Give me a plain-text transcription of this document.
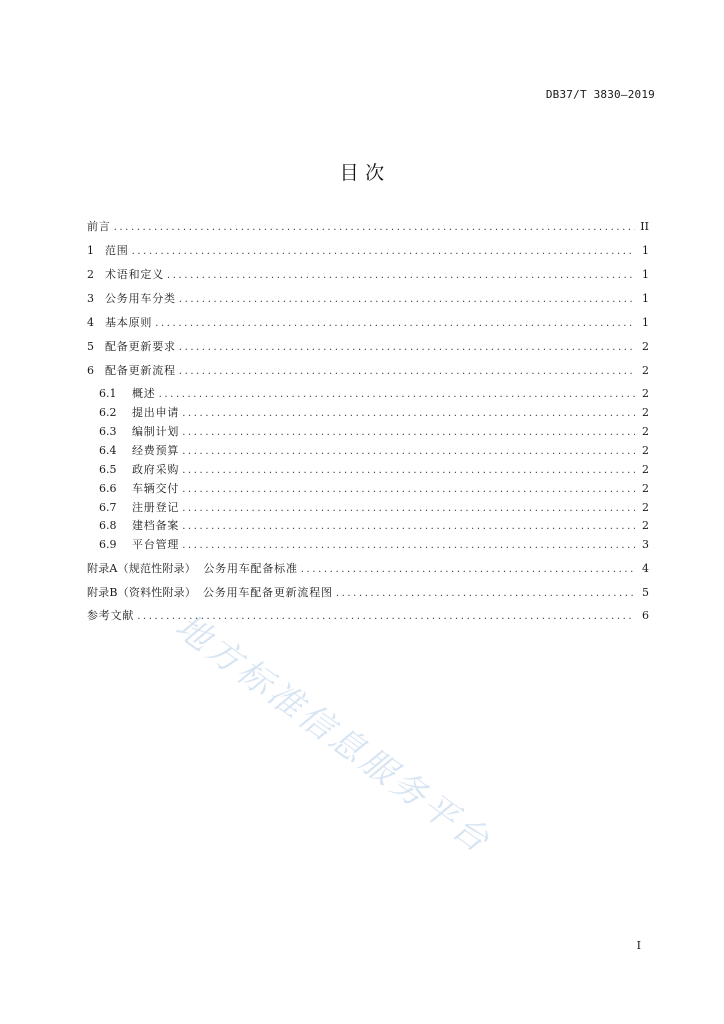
DB37/T 3830—2019
目 次
前言 .....	II
1	范围 .....	1
2	术语和定义 .....	1
3	公务用车分类 .....	1
4	基本原则 .....	1
5	配备更新要求 .....	2
6	配备更新流程 .....	2
6.1	概述 .....	2
6.2	提出申请 .....	2
6.3	编制计划 .....	2
6.4	经费预算 .....	2
6.5	政府采购 .....	2
6.6	车辆交付 .....	2
6.7	注册登记 .....	2
6.8	建档备案 .....	2
6.9	平台管理 .....	3
附录A（规范性附录） 公务用车配备标准 .....	4
附录B（资料性附录） 公务用车配备更新流程图 .....	5
参考文献 .....	6
地方标准信息服务平台
I
